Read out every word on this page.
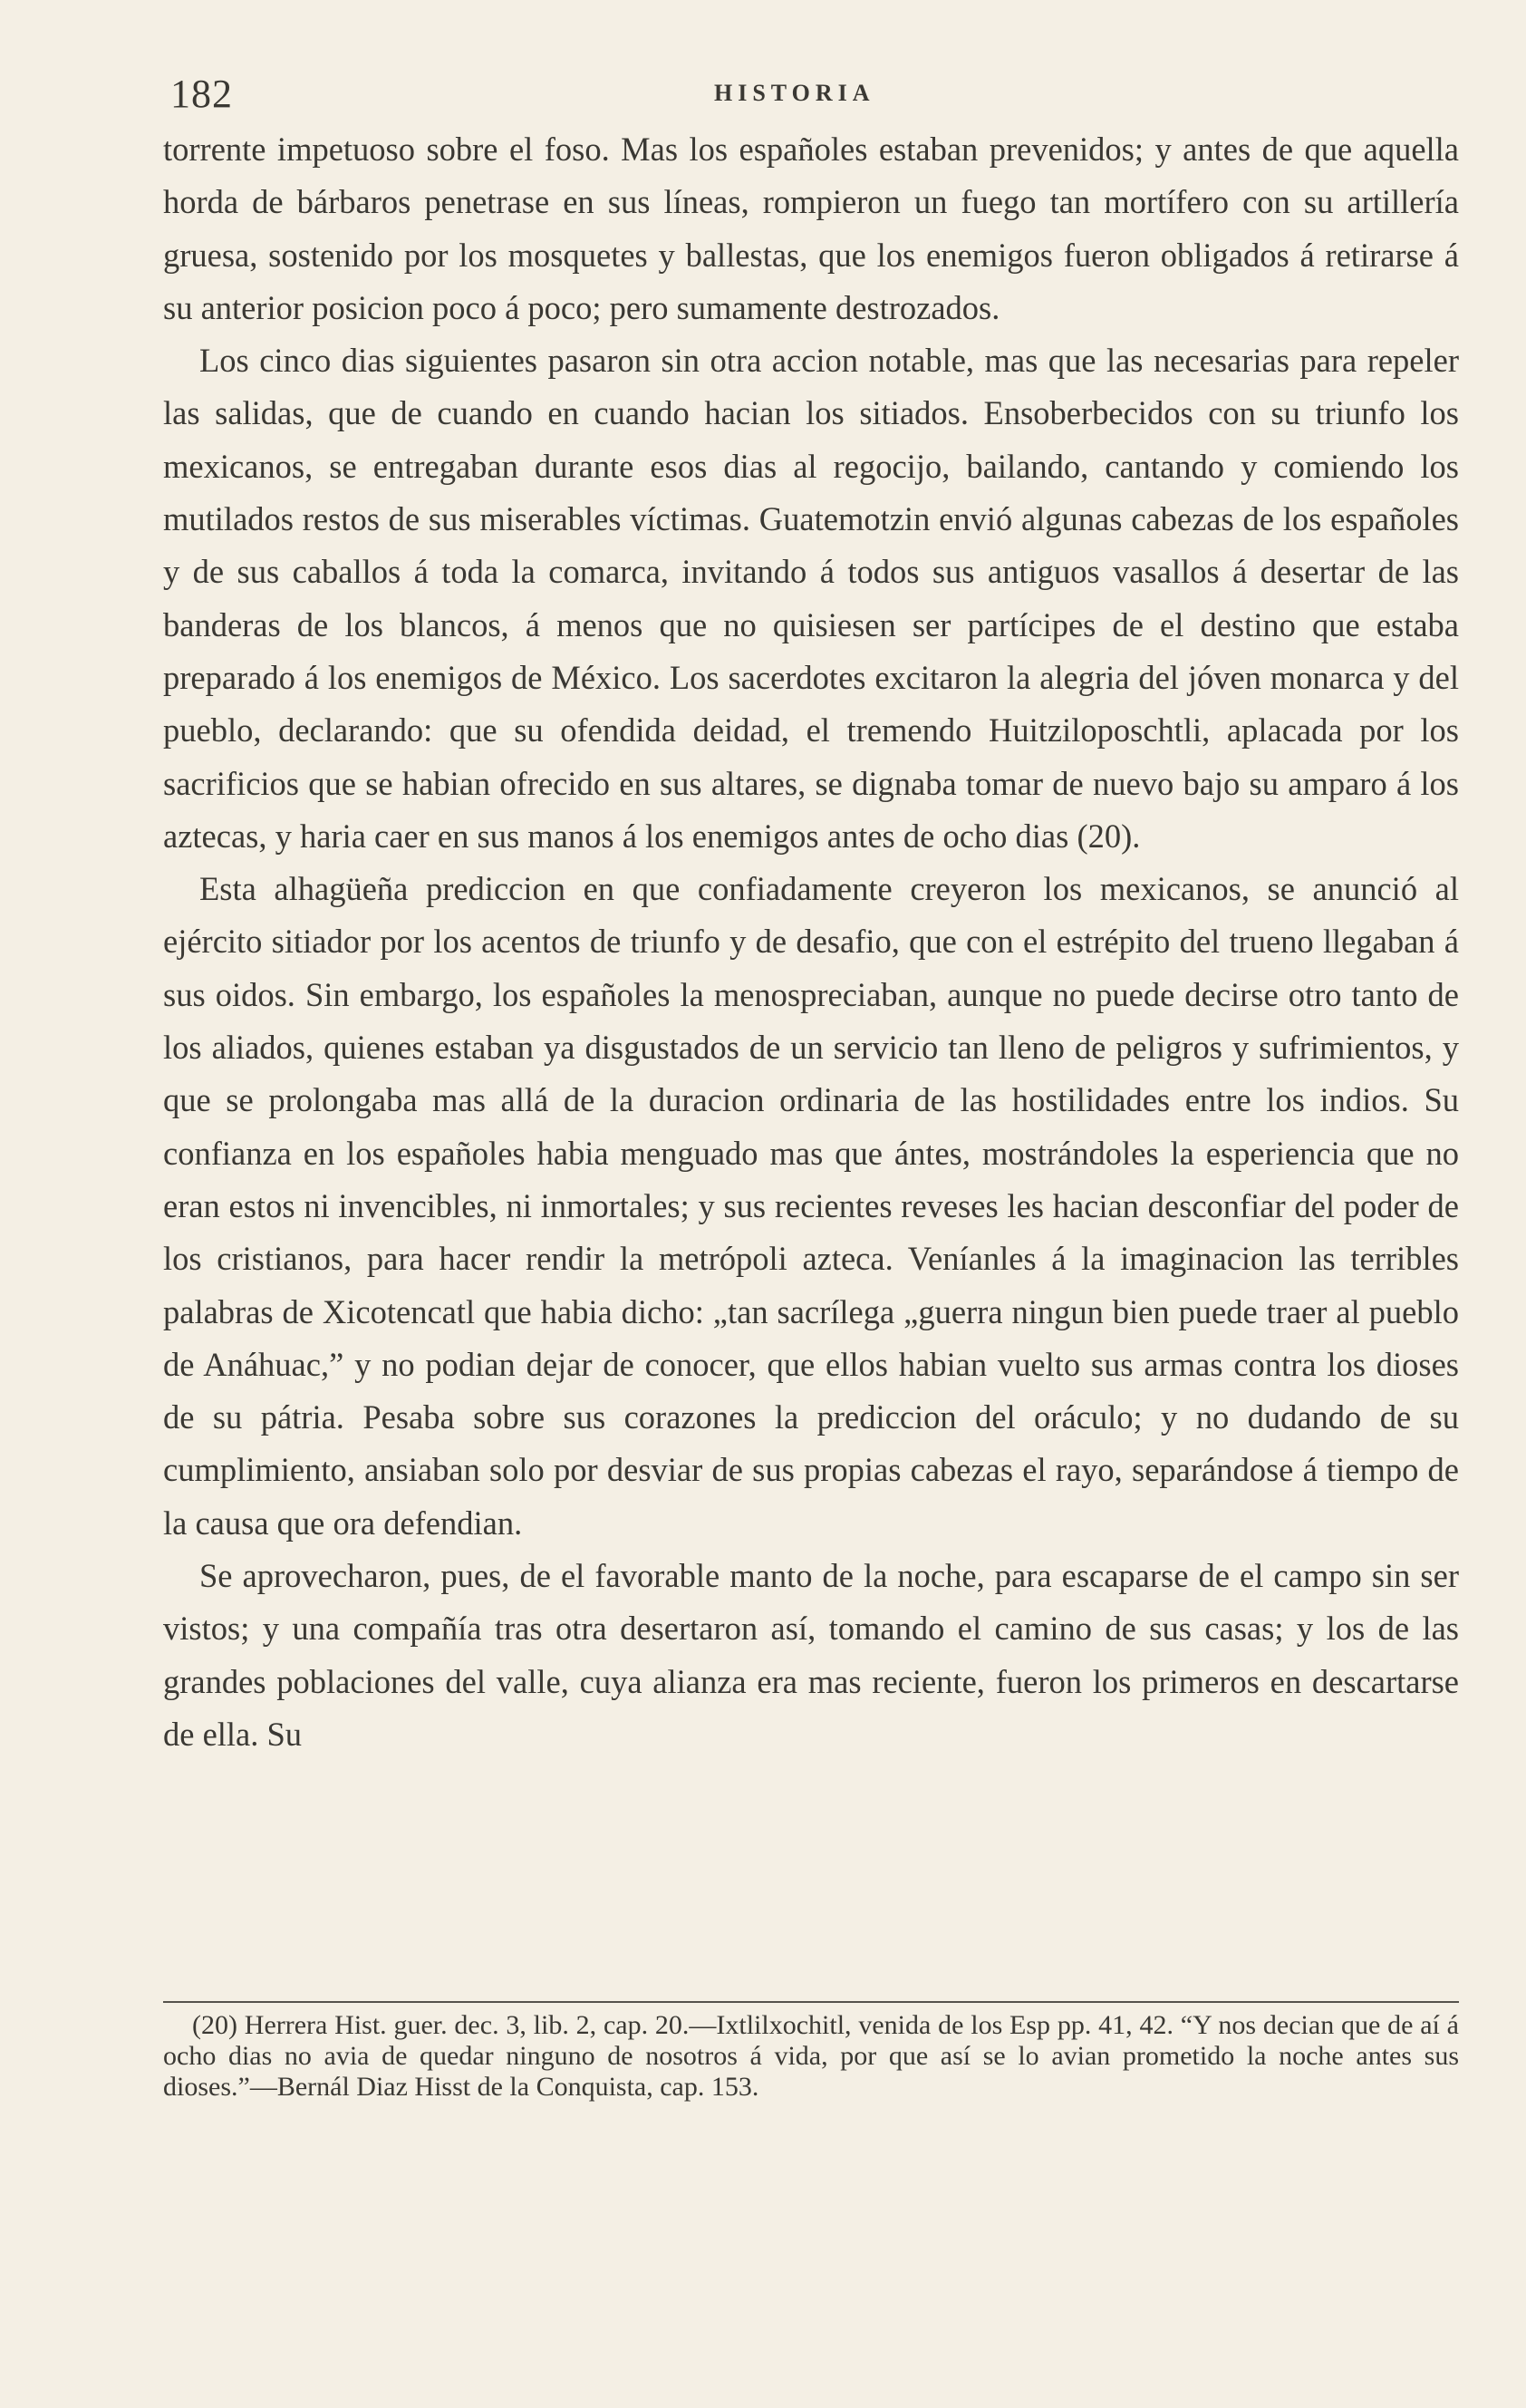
182	HISTORIA

torrente impetuoso sobre el foso. Mas los españoles estaban prevenidos; y antes de que aquella horda de bárbaros penetrase en sus líneas, rompieron un fuego tan mortífero con su artillería gruesa, sostenido por los mosquetes y ballestas, que los enemigos fueron obligados á retirarse á su anterior posicion poco á poco; pero sumamente destrozados.

Los cinco dias siguientes pasaron sin otra accion notable, mas que las necesarias para repeler las salidas, que de cuando en cuando hacian los sitiados. Ensoberbecidos con su triunfo los mexicanos, se entregaban durante esos dias al regocijo, bailando, cantando y comiendo los mutilados restos de sus miserables víctimas. Guatemotzin envió algunas cabezas de los españoles y de sus caballos á toda la comarca, invitando á todos sus antiguos vasallos á desertar de las banderas de los blancos, á menos que no quisiesen ser partícipes de el destino que estaba preparado á los enemigos de México. Los sacerdotes excitaron la alegria del jóven monarca y del pueblo, declarando: que su ofendida deidad, el tremendo Huitziloposchtli, aplacada por los sacrificios que se habian ofrecido en sus altares, se dignaba tomar de nuevo bajo su amparo á los aztecas, y haria caer en sus manos á los enemigos antes de ocho dias (20).

Esta alhagüeña prediccion en que confiadamente creyeron los mexicanos, se anunció al ejército sitiador por los acentos de triunfo y de desafio, que con el estrépito del trueno llegaban á sus oidos. Sin embargo, los españoles la menospreciaban, aunque no puede decirse otro tanto de los aliados, quienes estaban ya disgustados de un servicio tan lleno de peligros y sufrimientos, y que se prolongaba mas allá de la duracion ordinaria de las hostilidades entre los indios. Su confianza en los españoles habia menguado mas que ántes, mostrándoles la esperiencia que no eran estos ni invencibles, ni inmortales; y sus recientes reveses les hacian desconfiar del poder de los cristianos, para hacer rendir la metrópoli azteca. Veníanles á la imaginacion las terribles palabras de Xicotencatl que habia dicho: „tan sacrílega „guerra ningun bien puede traer al pueblo de Anáhuac,” y no podian dejar de conocer, que ellos habian vuelto sus armas contra los dioses de su pátria. Pesaba sobre sus corazones la prediccion del oráculo; y no dudando de su cumplimiento, ansiaban solo por desviar de sus propias cabezas el rayo, separándose á tiempo de la causa que ora defendian.

Se aprovecharon, pues, de el favorable manto de la noche, para escaparse de el campo sin ser vistos; y una compañía tras otra desertaron así, tomando el camino de sus casas; y los de las grandes poblaciones del valle, cuya alianza era mas reciente, fueron los primeros en descartarse de ella. Su

(20) Herrera Hist. guer. dec. 3, lib. 2, cap. 20.—Ixtlilxochitl, venida de los Esp pp. 41, 42. “Y nos decian que de aí á ocho dias no avia de quedar ninguno de nosotros á vida, por que así se lo avian prometido la noche antes sus dioses.”—Bernál Diaz Hisst de la Conquista, cap. 153.
